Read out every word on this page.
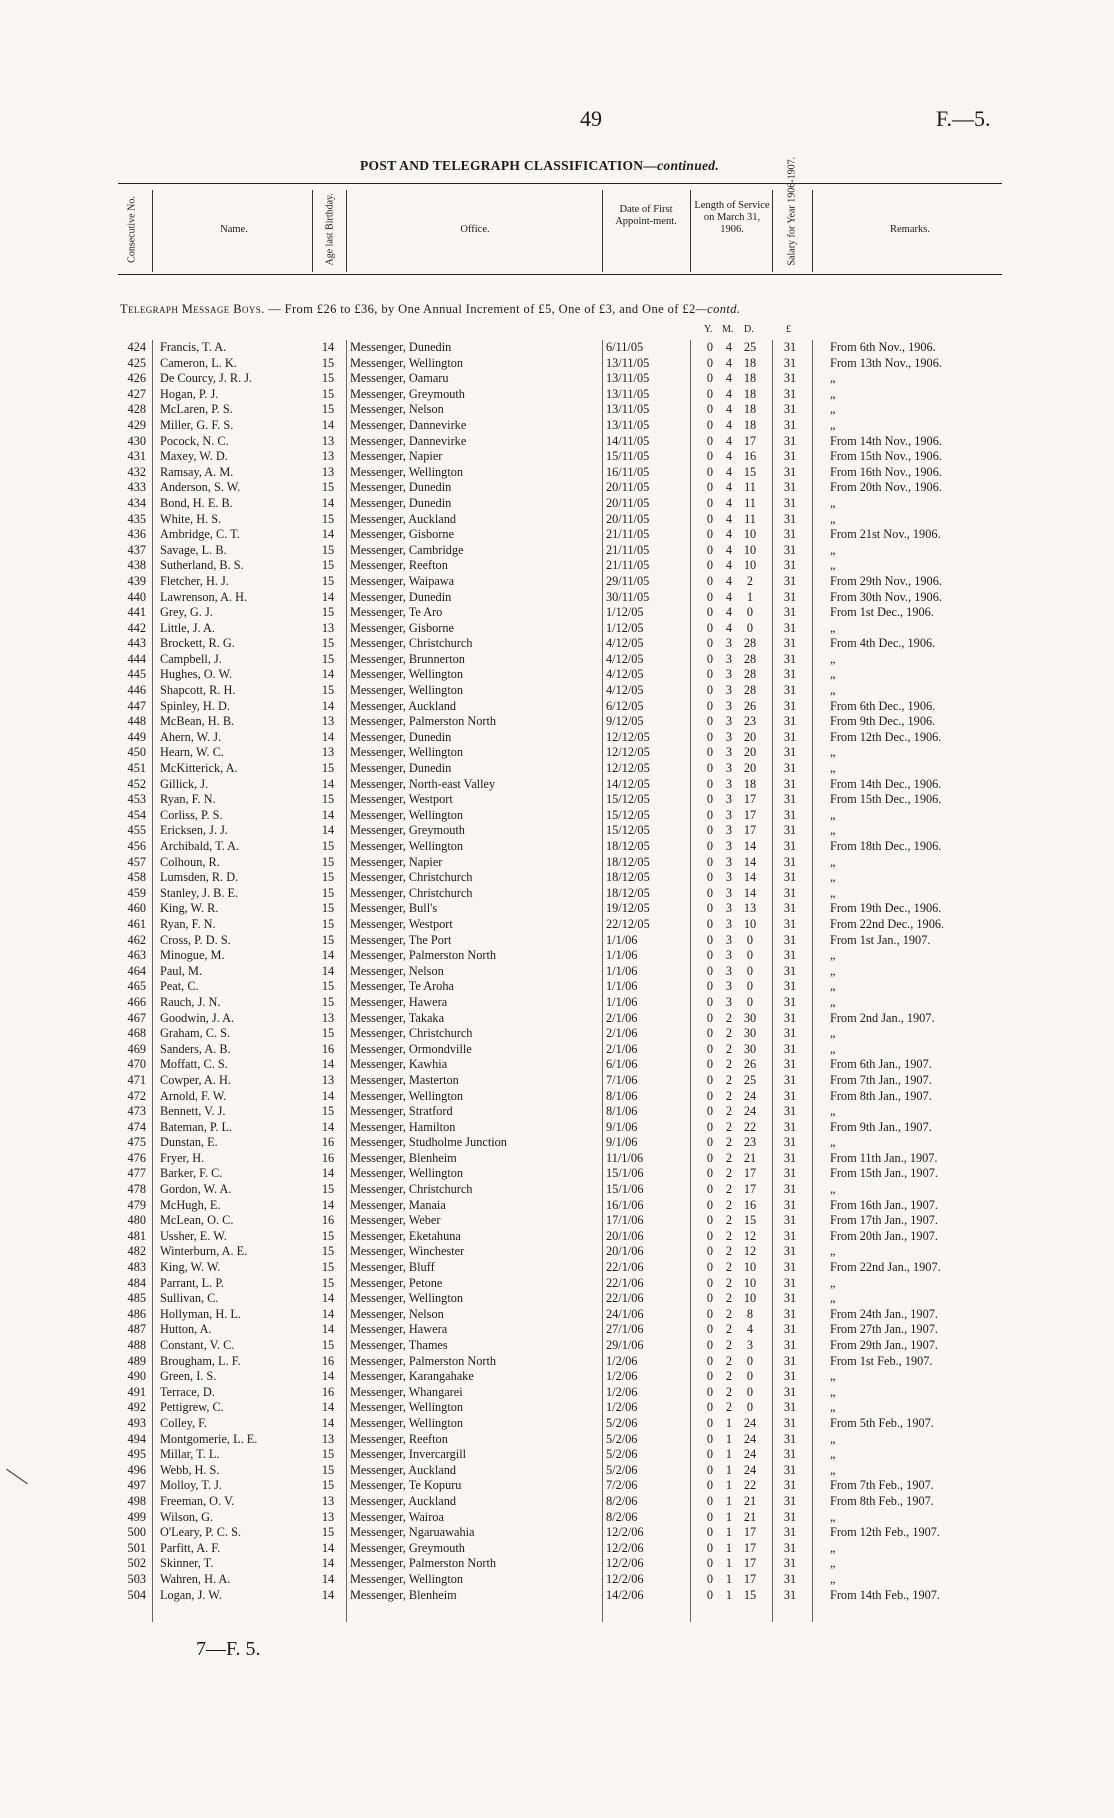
49	F.—5.
POST AND TELEGRAPH CLASSIFICATION—continued.
Consecutive No.	Name.	Age last Birthday.	Office.
Date of First Appoint-ment.
Length of Service on March 31, 1906.	Salary for Year 1906-1907.	Remarks.
Telegraph Message Boys. — From £26 to £36, by One Annual Increment of £5, One of £3, and One of £2—contd.
Y. M. D.	£
424 Francis, T. A.	14	Messenger, Dunedin	6/11/05	0	4 25	31	From 6th Nov., 1906.
425 Cameron, L. K.	15	Messenger, Wellington	13/11/05	0	4 18	31	From 13th Nov., 1906.
426 De Courcy, J. R. J.	15	Messenger, Oamaru	13/11/05	0	4 18	31	„
427 Hogan, P. J.	15	Messenger, Greymouth	13/11/05	0	4 18	31	„
428 McLaren, P. S.	15	Messenger, Nelson	13/11/05	0	4 18	31	„
429 Miller, G. F. S.	14	Messenger, Dannevirke	13/11/05	0	4 18	31	„
430 Pocock, N. C.	13	Messenger, Dannevirke	14/11/05	0	4 17	31	From 14th Nov., 1906.
431 Maxey, W. D.	13	Messenger, Napier	15/11/05	0	4 16	31	From 15th Nov., 1906.
432 Ramsay, A. M.	13	Messenger, Wellington	16/11/05	0	4 15	31	From 16th Nov., 1906.
433 Anderson, S. W.	15	Messenger, Dunedin	20/11/05	0	4 11	31	From 20th Nov., 1906.
434 Bond, H. E. B.	14	Messenger, Dunedin	20/11/05	0	4 11	31	„
435 White, H. S.	15	Messenger, Auckland	20/11/05	0	4 11	31	„
436 Ambridge, C. T.	14	Messenger, Gisborne	21/11/05	0	4 10	31	From 21st Nov., 1906.
437 Savage, L. B.	15	Messenger, Cambridge	21/11/05	0	4 10	31	„
438 Sutherland, B. S.	15	Messenger, Reefton	21/11/05	0	4 10	31	„
439 Fletcher, H. J.	15	Messenger, Waipawa	29/11/05	0	4	2	31	From 29th Nov., 1906.
440 Lawrenson, A. H.	14	Messenger, Dunedin	30/11/05	0	4	1	31	From 30th Nov., 1906.
441 Grey, G. J.	15	Messenger, Te Aro	1/12/05	0	4	0	31	From 1st Dec., 1906.
442 Little, J. A.	13	Messenger, Gisborne	1/12/05	0	4	0	31	„
443 Brockett, R. G.	15	Messenger, Christchurch	4/12/05	0	3 28	31	From 4th Dec., 1906.
444 Campbell, J.	15	Messenger, Brunnerton	4/12/05	0	3 28	31	„
445 Hughes, O. W.	14	Messenger, Wellington	4/12/05	0	3 28	31	„
446 Shapcott, R. H.	15	Messenger, Wellington	4/12/05	0	3 28	31	„
447 Spinley, H. D.	14	Messenger, Auckland	6/12/05	0	3 26	31	From 6th Dec., 1906.
448 McBean, H. B.	13	Messenger, Palmerston North	9/12/05	0	3 23	31	From 9th Dec., 1906.
449 Ahern, W. J.	14	Messenger, Dunedin	12/12/05	0	3 20	31	From 12th Dec., 1906.
450 Hearn, W. C.	13	Messenger, Wellington	12/12/05	0	3 20	31	„
451 McKitterick, A.	15	Messenger, Dunedin	12/12/05	0	3 20	31	„
452 Gillick, J.	14	Messenger, North-east Valley	14/12/05	0	3 18	31	From 14th Dec., 1906.
453 Ryan, F. N.	15	Messenger, Westport	15/12/05	0	3 17	31	From 15th Dec., 1906.
454 Corliss, P. S.	14	Messenger, Wellington	15/12/05	0	3 17	31	„
455 Ericksen, J. J.	14	Messenger, Greymouth	15/12/05	0	3 17	31	„
456 Archibald, T. A.	15	Messenger, Wellington	18/12/05	0	3 14	31	From 18th Dec., 1906.
457 Colhoun, R.	15	Messenger, Napier	18/12/05	0	3 14	31	„
458 Lumsden, R. D.	15	Messenger, Christchurch	18/12/05	0	3 14	31	„
459 Stanley, J. B. E.	15	Messenger, Christchurch	18/12/05	0	3 14	31	„
460 King, W. R.	15	Messenger, Bull's	19/12/05	0	3 13	31	From 19th Dec., 1906.
461 Ryan, F. N.	15	Messenger, Westport	22/12/05	0	3 10	31	From 22nd Dec., 1906.
462 Cross, P. D. S.	15	Messenger, The Port	1/1/06	0	3	0	31	From 1st Jan., 1907.
463 Minogue, M.	14	Messenger, Palmerston North	1/1/06	0	3	0	31	„
464 Paul, M.	14	Messenger, Nelson	1/1/06	0	3	0	31	„
465 Peat, C.	15	Messenger, Te Aroha	1/1/06	0	3	0	31	„
466 Rauch, J. N.	15	Messenger, Hawera	1/1/06	0	3	0	31	„
467 Goodwin, J. A.	13	Messenger, Takaka	2/1/06	0	2 30	31	From 2nd Jan., 1907.
468 Graham, C. S.	15	Messenger, Christchurch	2/1/06	0	2 30	31	„
469 Sanders, A. B.	16	Messenger, Ormondville	2/1/06	0	2 30	31	„
470 Moffatt, C. S.	14	Messenger, Kawhia	6/1/06	0	2 26	31	From 6th Jan., 1907.
471 Cowper, A. H.	13	Messenger, Masterton	7/1/06	0	2 25	31	From 7th Jan., 1907.
472 Arnold, F. W.	14	Messenger, Wellington	8/1/06	0	2 24	31	From 8th Jan., 1907.
473 Bennett, V. J.	15	Messenger, Stratford	8/1/06	0	2 24	31	„
474 Bateman, P. L.	14	Messenger, Hamilton	9/1/06	0	2 22	31	From 9th Jan., 1907.
475 Dunstan, E.	16	Messenger, Studholme Junction	9/1/06	0	2 23	31	„
476 Fryer, H.	16	Messenger, Blenheim	11/1/06	0	2 21	31	From 11th Jan., 1907.
477 Barker, F. C.	14	Messenger, Wellington	15/1/06	0	2 17	31	From 15th Jan., 1907.
478 Gordon, W. A.	15	Messenger, Christchurch	15/1/06	0	2 17	31	„
479 McHugh, E.	14	Messenger, Manaia	16/1/06	0	2 16	31	From 16th Jan., 1907.
480 McLean, O. C.	16	Messenger, Weber	17/1/06	0	2 15	31	From 17th Jan., 1907.
481 Ussher, E. W.	15	Messenger, Eketahuna	20/1/06	0	2 12	31	From 20th Jan., 1907.
482 Winterburn, A. E.	15	Messenger, Winchester	20/1/06	0	2 12	31	„
483 King, W. W.	15	Messenger, Bluff	22/1/06	0	2 10	31	From 22nd Jan., 1907.
484 Parrant, L. P.	15	Messenger, Petone	22/1/06	0	2 10	31	„
485 Sullivan, C.	14	Messenger, Wellington	22/1/06	0	2 10	31	„
486 Hollyman, H. L.	14	Messenger, Nelson	24/1/06	0	2	8	31	From 24th Jan., 1907.
487 Hutton, A.	14	Messenger, Hawera	27/1/06	0	2	4	31	From 27th Jan., 1907.
488 Constant, V. C.	15	Messenger, Thames	29/1/06	0	2	3	31	From 29th Jan., 1907.
489 Brougham, L. F.	16	Messenger, Palmerston North	1/2/06	0	2	0	31	From 1st Feb., 1907.
490 Green, I. S.	14	Messenger, Karangahake	1/2/06	0	2	0	31	„
491 Terrace, D.	16	Messenger, Whangarei	1/2/06	0	2	0	31	„
492 Pettigrew, C.	14	Messenger, Wellington	1/2/06	0	2	0	31	„
493 Colley, F.	14	Messenger, Wellington	5/2/06	0	1 24	31	From 5th Feb., 1907.
494 Montgomerie, L. E.	13	Messenger, Reefton	5/2/06	0	1 24	31	„
495 Millar, T. L.	15	Messenger, Invercargill	5/2/06	0	1 24	31	„
496 Webb, H. S.	15	Messenger, Auckland	5/2/06	0	1 24	31	„
497 Molloy, T. J.	15	Messenger, Te Kopuru	7/2/06	0	1 22	31	From 7th Feb., 1907.
498 Freeman, O. V.	13	Messenger, Auckland	8/2/06	0	1 21	31	From 8th Feb., 1907.
499 Wilson, G.	13	Messenger, Wairoa	8/2/06	0	1 21	31	„
500 O'Leary, P. C. S.	15	Messenger, Ngaruawahia	12/2/06	0	1 17	31	From 12th Feb., 1907.
501 Parfitt, A. F.	14	Messenger, Greymouth	12/2/06	0	1 17	31	„
502 Skinner, T.	14	Messenger, Palmerston North	12/2/06	0	1 17	31	„
503 Wahren, H. A.	14	Messenger, Wellington	12/2/06	0	1 17	31	„
504 Logan, J. W.	14	Messenger, Blenheim	14/2/06	0	1 15	31	From 14th Feb., 1907.
7—F. 5.
